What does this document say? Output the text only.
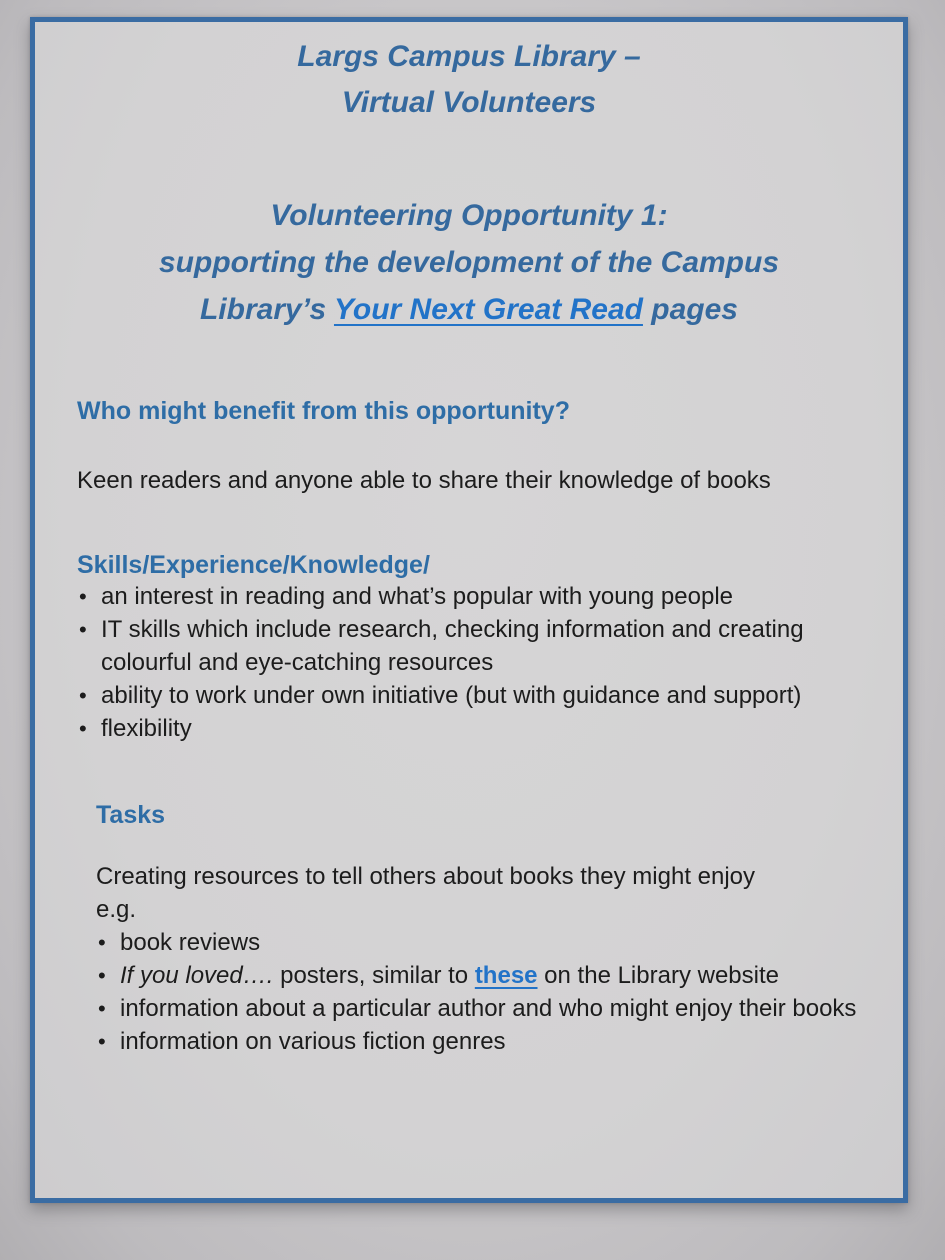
Largs Campus Library –
Virtual Volunteers
Volunteering Opportunity 1:
supporting the development of the Campus
Library’s Your Next Great Read pages
Who might benefit from this opportunity?

Keen readers and anyone able to share their knowledge of books

Skills/Experience/Knowledge/
• an interest in reading and what’s popular with young people
• IT skills which include research, checking information and creating colourful and eye-catching resources
• ability to work under own initiative (but with guidance and support)
• flexibility
Tasks

Creating resources to tell others about books they might enjoy
e.g.

• book reviews
• If you loved…. posters, similar to these on the Library website
• information about a particular author and who might enjoy their books
• information on various fiction genres
